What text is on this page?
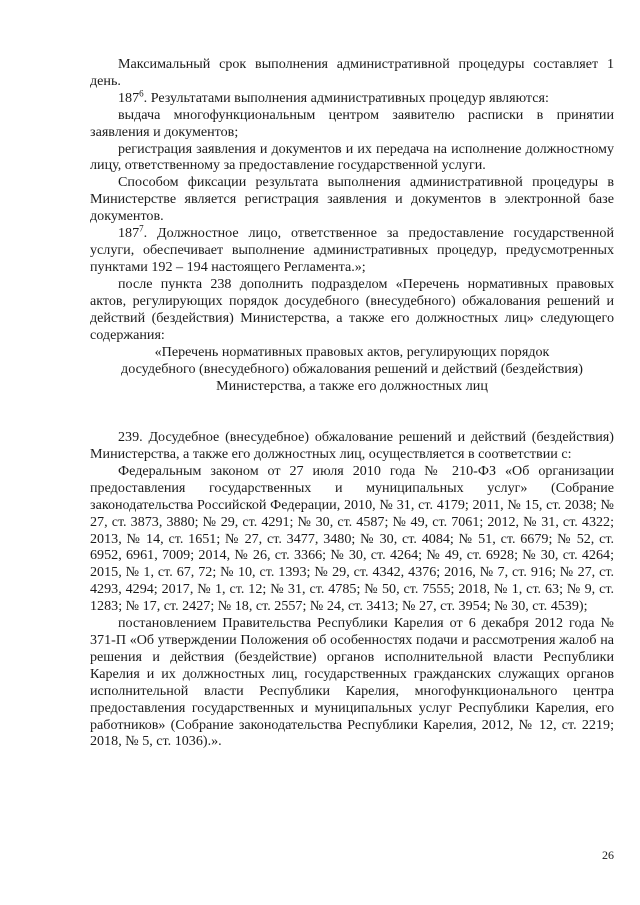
Максимальный срок выполнения административной процедуры составляет 1 день.

$187^6$. Результатами выполнения административных процедур являются:

выдача многофункциональным центром заявителю расписки в принятии заявления и документов;

регистрация заявления и документов и их передача на исполнение должностному лицу, ответственному за предоставление государственной услуги.

Способом фиксации результата выполнения административной процедуры в Министерстве является регистрация заявления и документов в электронной базе документов.

$187^7$. Должностное лицо, ответственное за предоставление государственной услуги, обеспечивает выполнение административных процедур, предусмотренных пунктами 192 – 194 настоящего Регламента.»;

после пункта 238 дополнить подразделом «Перечень нормативных правовых актов, регулирующих порядок досудебного (внесудебного) обжалования решений и действий (бездействия) Министерства, а также его должностных лиц» следующего содержания:

«Перечень нормативных правовых актов, регулирующих порядок
досудебного (внесудебного) обжалования решений и действий (бездействия)
Министерства, а также его должностных лиц

239. Досудебное (внесудебное) обжалование решений и действий (бездействия) Министерства, а также его должностных лиц, осуществляется в соответствии с:

Федеральным законом от 27 июля 2010 года № 210-ФЗ «Об организации предоставления государственных и муниципальных услуг» (Собрание законодательства Российской Федерации, 2010, № 31, ст. 4179; 2011, № 15, ст. 2038; № 27, ст. 3873, 3880; № 29, ст. 4291; № 30, ст. 4587; № 49, ст. 7061; 2012, № 31, ст. 4322; 2013, № 14, ст. 1651; № 27, ст. 3477, 3480; № 30, ст. 4084; № 51, ст. 6679; № 52, ст. 6952, 6961, 7009; 2014, № 26, ст. 3366; № 30, ст. 4264; № 49, ст. 6928; № 30, ст. 4264; 2015, № 1, ст. 67, 72; № 10, ст. 1393; № 29, ст. 4342, 4376; 2016, № 7, ст. 916; № 27, ст. 4293, 4294; 2017, № 1, ст. 12; № 31, ст. 4785; № 50, ст. 7555; 2018, № 1, ст. 63; № 9, ст. 1283; № 17, ст. 2427; № 18, ст. 2557; № 24, ст. 3413; № 27, ст. 3954; № 30, ст. 4539);

постановлением Правительства Республики Карелия от 6 декабря 2012 года № 371-П «Об утверждении Положения об особенностях подачи и рассмотрения жалоб на решения и действия (бездействие) органов исполнительной власти Республики Карелия и их должностных лиц, государственных гражданских служащих органов исполнительной власти Республики Карелия, многофункционального центра предоставления государственных и муниципальных услуг Республики Карелия, его работников» (Собрание законодательства Республики Карелия, 2012, № 12, ст. 2219; 2018, № 5, ст. 1036).».

26
